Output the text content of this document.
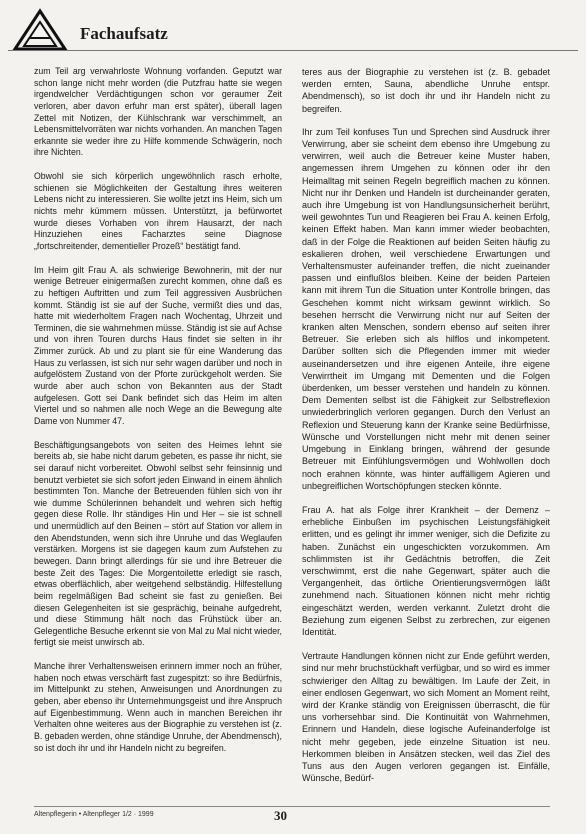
Fachaufsatz

zum Teil arg verwahrloste Wohnung vorfanden. Geputzt war schon lange nicht mehr worden (die Putzfrau hatte sie wegen irgendwelcher Verdächtigungen schon vor geraumer Zeit verloren, aber davon erfuhr man erst später), überall lagen Zettel mit Notizen, der Kühlschrank war verschimmelt, an Lebensmittelvorräten war nichts vorhanden. An manchen Tagen erkannte sie weder ihre zu Hilfe kommende Schwägerin, noch ihre Nichten.

Obwohl sie sich körperlich ungewöhnlich rasch erholte, schienen sie Möglichkeiten der Gestaltung ihres weiteren Lebens nicht zu interessieren. Sie wollte jetzt ins Heim, sich um nichts mehr kümmern müssen. Unterstützt, ja befürwortet wurde dieses Vorhaben von ihrem Hausarzt, der nach Hinzuziehen eines Facharztes seine Diagnose „fortschreitender, dementieller Prozeß“ bestätigt fand.

Im Heim gilt Frau A. als schwierige Bewohnerin, mit der nur wenige Betreuer einigermaßen zurecht kommen, ohne daß es zu heftigen Auftritten und zum Teil aggressiven Ausbrüchen kommt. Ständig ist sie auf der Suche, vermißt dies und das, hatte mit wiederholtem Fragen nach Wochentag, Uhrzeit und Terminen, die sie wahrnehmen müsse. Ständig ist sie auf Achse und von ihren Touren durchs Haus findet sie selten in ihr Zimmer zurück. Ab und zu plant sie für eine Wanderung das Haus zu verlassen, ist sich nur sehr wagen darüber und noch in aufgelöstem Zustand von der Pforte zurückgeholt werden. Sie wurde aber auch schon von Bekannten aus der Stadt aufgelesen. Gott sei Dank befindet sich das Heim im alten Viertel und so nahmen alle noch Wege an die Bewegung alte Dame von Nummer 47.

Beschäftigungsangebots von seiten des Heimes lehnt sie bereits ab, sie habe nicht darum gebeten, es passe ihr nicht, sie sei darauf nicht vorbereitet. Obwohl selbst sehr feinsinnig und benutzt verbietet sie sich sofort jeden Einwand in einem ähnlich bestimmten Ton. Manche der Betreuenden fühlen sich von ihr wie dumme Schülerinnen behandelt und wehren sich heftig gegen diese Rolle. Ihr ständiges Hin und Her – sie ist schnell und unermüdlich auf den Beinen – stört auf Station vor allem in den Abendstunden, wenn sich ihre Unruhe und das Weglaufen verstärken. Morgens ist sie dagegen kaum zum Aufstehen zu bewegen. Dann bringt allerdings für sie und ihre Betreuer die beste Zeit des Tages: Die Morgentoilette erledigt sie rasch, etwas oberflächlich, aber weitgehend selbständig. Hilfestellung beim regelmäßigen Bad scheint sie fast zu genießen. Bei diesen Gelegenheiten ist sie gesprächig, beinahe aufgedreht, und diese Stimmung hält noch das Frühstück über an. Gelegentliche Besuche erkennt sie von Mal zu Mal nicht wieder, fertigt sie meist unwirsch ab.

Manche ihrer Verhaltensweisen erinnern immer noch an früher, haben noch etwas verschärft fast zugespitzt: so ihre Bedürfnis, im Mittelpunkt zu stehen, Anweisungen und Anordnungen zu geben, aber ebenso ihr Unternehmungsgeist und ihre Anspruch auf Eigenbestimmung. Wenn auch in manchen Bereichen ihr Verhalten ohne weiteres aus der Biographie zu verstehen ist (z. B. gebaden werden, ohne ständige Unruhe, der Abendmensch), so ist doch ihr und ihr Handeln nicht zu begreifen.

teres aus der Biographie zu verstehen ist (z. B. gebadet werden ernten, Sauna, abendliche Unruhe entspr. Abendmensch), so ist doch ihr und ihr Handeln nicht zu begreifen.

Ihr zum Teil konfuses Tun und Sprechen sind Ausdruck ihrer Verwirrung, aber sie scheint dem ebenso ihre Umgebung zu verwirren, weil auch die Betreuer keine Muster haben, angemessen ihrem Umgehen zu können oder ihr den Heimalltag mit seinen Regeln begreiflich machen zu können. Nicht nur ihr Denken und Handeln ist durcheinander geraten, auch ihre Umgebung ist von Handlungsunsicherheit berührt, weil gewohntes Tun und Reagieren bei Frau A. keinen Erfolg, keinen Effekt haben. Man kann immer wieder beobachten, daß in der Folge die Reaktionen auf beiden Seiten häufig zu eskalieren drohen, weil verschiedene Erwartungen und Verhaltensmuster aufeinander treffen, die nicht zueinander passen und einflußlos bleiben. Keine der beiden Parteien kann mit ihrem Tun die Situation unter Kontrolle bringen, das Geschehen kommt nicht wirksam gewinnt wirklich. So besehen herrscht die Verwirrung nicht nur auf Seiten der kranken alten Menschen, sondern ebenso auf seiten ihrer Betreuer. Sie erleben sich als hilflos und inkompetent. Darüber sollten sich die Pflegenden immer mit wieder auseinandersetzen und ihre eigenen Anteile, ihre eigene Verwirrtheit im Umgang mit Dementen und die Folgen überdenken, um besser verstehen und handeln zu können. Dem Dementen selbst ist die Fähigkeit zur Selbstreflexion unwiederbringlich verloren gegangen. Durch den Verlust an Reflexion und Steuerung kann der Kranke seine Bedürfnisse, Wünsche und Vorstellungen nicht mehr mit denen seiner Umgebung in Einklang bringen, während der gesunde Betreuer mit Einfühlungsvermögen und Wohlwollen doch noch erahnen könnte, was hinter auffälligem Agieren und unbegreiflichen Wortschöpfungen stecken könnte.

Frau A. hat als Folge ihrer Krankheit – der Demenz – erhebliche Einbußen im psychischen Leistungsfähigkeit erlitten, und es gelingt ihr immer weniger, sich die Defizite zu haben. Zunächst ein ungeschickten vorzukommen. Am schlimmsten ist ihr Gedächtnis betroffen, die Zeit verschwimmt, erst die nahe Gegenwart, später auch die Vergangenheit, das örtliche Orientierungsvermögen läßt zunehmend nach. Situationen können nicht mehr richtig eingeschätzt werden, werden verkannt. Zuletzt droht die Beziehung zum eigenen Selbst zu zerbrechen, zur eigenen Identität.

Vertraute Handlungen können nicht zur Ende geführt werden, sind nur mehr bruchstückhaft verfügbar, und so wird es immer schwieriger den Alltag zu bewältigen. Im Laufe der Zeit, in einer endlosen Gegenwart, wo sich Moment an Moment reiht, wird der Kranke ständig von Ereignissen überrascht, die für uns vorhersehbar sind. Die Kontinuität von Wahrnehmen, Erinnern und Handeln, diese logische Aufeinanderfolge ist nicht mehr gegeben, jede einzelne Situation ist neu. Herkommen bleiben in Ansätzen stecken, weil das Ziel des Tuns aus den Augen verloren gegangen ist. Einfälle, Wünsche, Bedürf-

Altenpflegerin • Altenpfleger 1/2 · 1999	30
